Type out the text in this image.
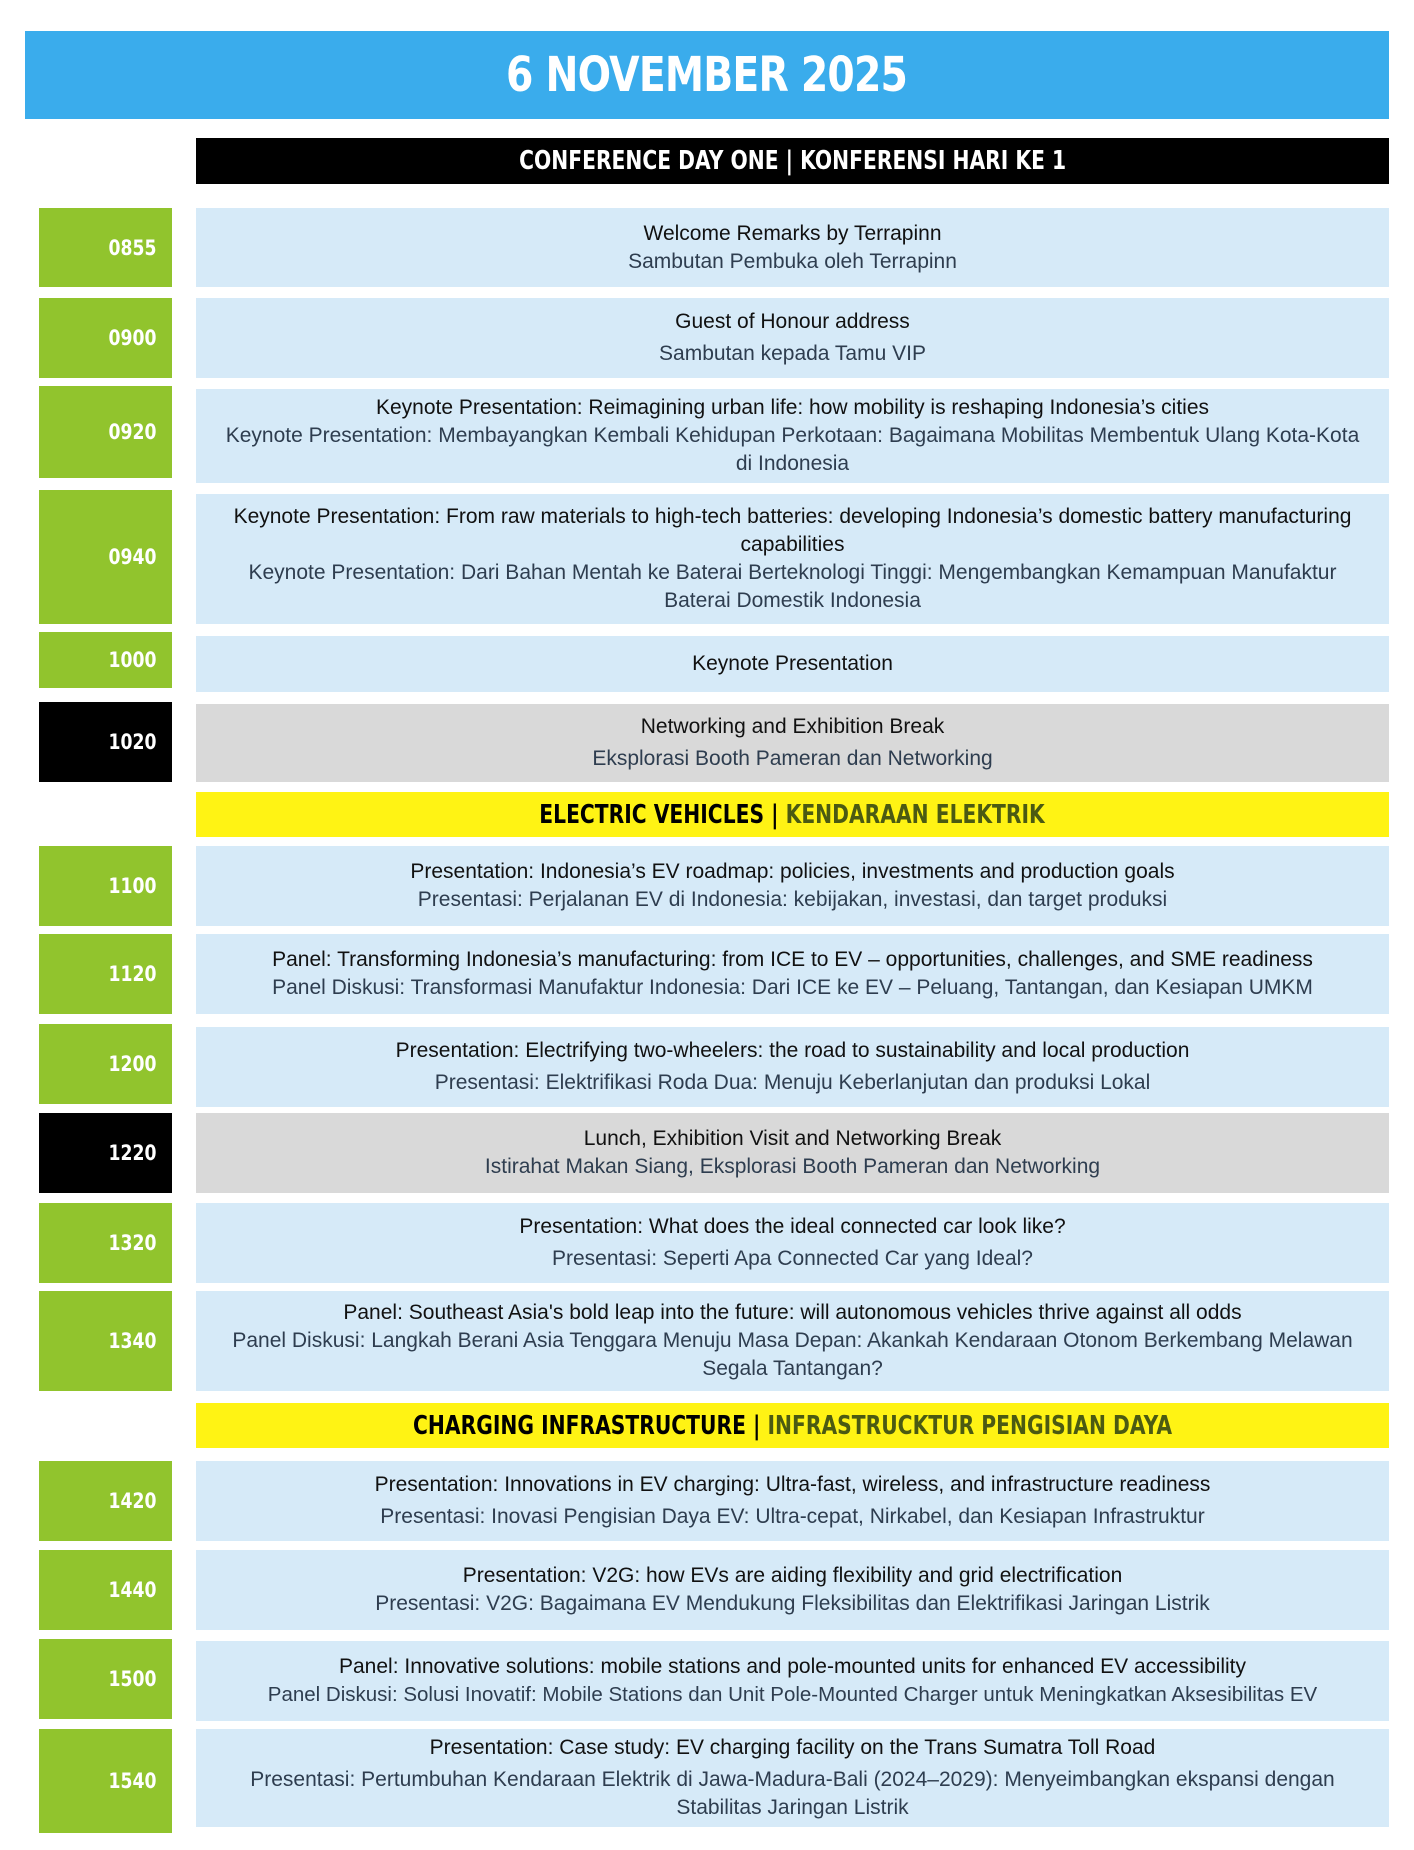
6 NOVEMBER 2025
CONFERENCE DAY ONE | KONFERENSI HARI KE 1
0855
Welcome Remarks by Terrapinn
Sambutan Pembuka oleh Terrapinn
0900
Guest of Honour address
Sambutan kepada Tamu VIP
0920
Keynote Presentation: Reimagining urban life: how mobility is reshaping Indonesia’s cities
Keynote Presentation: Membayangkan Kembali Kehidupan Perkotaan: Bagaimana Mobilitas Membentuk Ulang Kota-Kota di Indonesia
0940
Keynote Presentation: From raw materials to high-tech batteries: developing Indonesia’s domestic battery manufacturing capabilities
Keynote Presentation: Dari Bahan Mentah ke Baterai Berteknologi Tinggi: Mengembangkan Kemampuan Manufaktur Baterai Domestik Indonesia
1000	Keynote Presentation
1020
Networking and Exhibition Break
Eksplorasi Booth Pameran dan Networking
ELECTRIC VEHICLES | KENDARAAN ELEKTRIK
1100
Presentation: Indonesia’s EV roadmap: policies, investments and production goals
Presentasi: Perjalanan EV di Indonesia: kebijakan, investasi, dan target produksi
1120
Panel: Transforming Indonesia’s manufacturing: from ICE to EV – opportunities, challenges, and SME readiness
Panel Diskusi: Transformasi Manufaktur Indonesia: Dari ICE ke EV – Peluang, Tantangan, dan Kesiapan UMKM
1200
Presentation: Electrifying two-wheelers: the road to sustainability and local production
Presentasi: Elektrifikasi Roda Dua: Menuju Keberlanjutan dan produksi Lokal
1220
Lunch, Exhibition Visit and Networking Break
Istirahat Makan Siang, Eksplorasi Booth Pameran dan Networking
1320
Presentation: What does the ideal connected car look like?
Presentasi: Seperti Apa Connected Car yang Ideal?
1340
Panel: Southeast Asia's bold leap into the future: will autonomous vehicles thrive against all odds
Panel Diskusi: Langkah Berani Asia Tenggara Menuju Masa Depan: Akankah Kendaraan Otonom Berkembang Melawan Segala Tantangan?
CHARGING INFRASTRUCTURE | INFRASTRUCKTUR PENGISIAN DAYA
1420
Presentation: Innovations in EV charging: Ultra-fast, wireless, and infrastructure readiness
Presentasi: Inovasi Pengisian Daya EV: Ultra-cepat, Nirkabel, dan Kesiapan Infrastruktur
1440
Presentation: V2G: how EVs are aiding flexibility and grid electrification
Presentasi: V2G: Bagaimana EV Mendukung Fleksibilitas dan Elektrifikasi Jaringan Listrik
1500
Panel: Innovative solutions: mobile stations and pole-mounted units for enhanced EV accessibility
Panel Diskusi: Solusi Inovatif: Mobile Stations dan Unit Pole-Mounted Charger untuk Meningkatkan Aksesibilitas EV
1540
Presentation: Case study: EV charging facility on the Trans Sumatra Toll Road
Presentasi: Pertumbuhan Kendaraan Elektrik di Jawa-Madura-Bali (2024–2029): Menyeimbangkan ekspansi dengan Stabilitas Jaringan Listrik
